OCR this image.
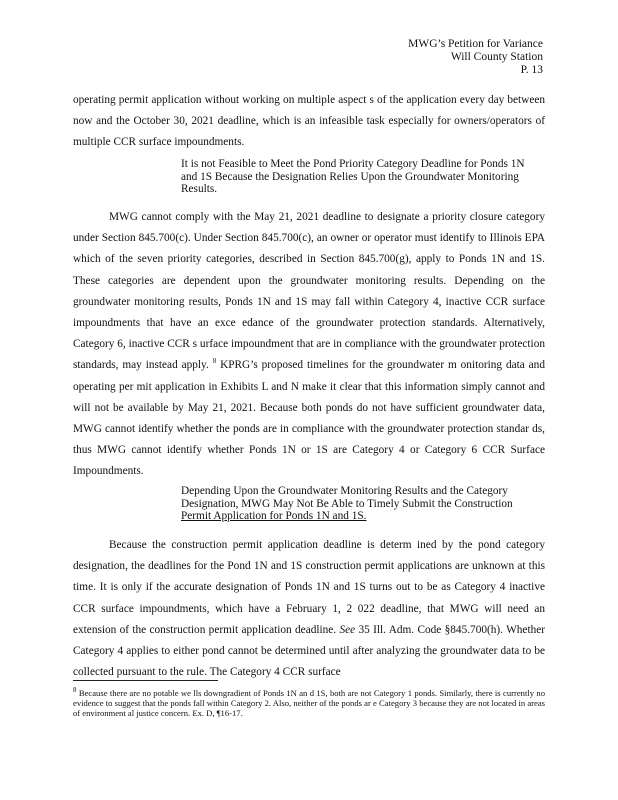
MWG’s Petition for Variance
Will County Station
P. 13

operating permit application without working on multiple aspect s of the application every day between now and the October 30, 2021 deadline, which is an infeasible task especially for owners/operators of multiple CCR surface impoundments.

It is not Feasible to Meet the Pond Priority Category Deadline for Ponds 1N and 1S Because the Designation Relies Upon the Groundwater Monitoring Results.

MWG cannot comply with the May 21, 2021 deadline to designate a priority closure category under Section 845.700(c). Under Section 845.700(c), an owner or operator must identify to Illinois EPA which of the seven priority categories, described in Section 845.700(g), apply to Ponds 1N and 1S. These categories are dependent upon the groundwater monitoring results. Depending on the groundwater monitoring results, Ponds 1N and 1S may fall within Category 4, inactive CCR surface impoundments that have an exce edance of the groundwater protection standards. Alternatively, Category 6, inactive CCR s urface impoundment that are in compliance with the groundwater protection standards, may instead apply. $^8$ KPRG’s proposed timelines for the groundwater m onitoring data and operating per mit application in Exhibits L and N make it clear that this information simply cannot and will not be available by May 21, 2021. Because both ponds do not have sufficient groundwater data, MWG cannot identify whether the ponds are in compliance with the groundwater protection standar ds, thus MWG cannot identify whether Ponds 1N or 1S are Category 4 or Category 6 CCR Surface Impoundments.

Depending Upon the Groundwater Monitoring Results and the Category Designation, MWG May Not Be Able to Timely Submit the Construction Permit Application for Ponds 1N and 1S.

Because the construction permit application deadline is determ ined by the pond category designation, the deadlines for the Pond 1N and 1S construction permit applications are unknown at this time. It is only if the accurate designation of Ponds 1N and 1S turns out to be as Category 4 inactive CCR surface impoundments, which have a February 1, 2 022 deadline, that MWG will need an extension of the construction permit application deadline. See 35 Ill. Adm. Code §845.700(h). Whether Category 4 applies to either pond cannot be determined until after analyzing the groundwater data to be collected pursuant to the rule. The Category 4 CCR surface

$^8$ Because there are no potable we lls downgradient of Ponds 1N an d 1S, both are not Category 1 ponds. Similarly, there is currently no evidence to suggest that the ponds fall within Category 2. Also, neither of the ponds ar e Category 3 because they are not located in areas of environment al justice concern. Ex. D, ¶16-17.
